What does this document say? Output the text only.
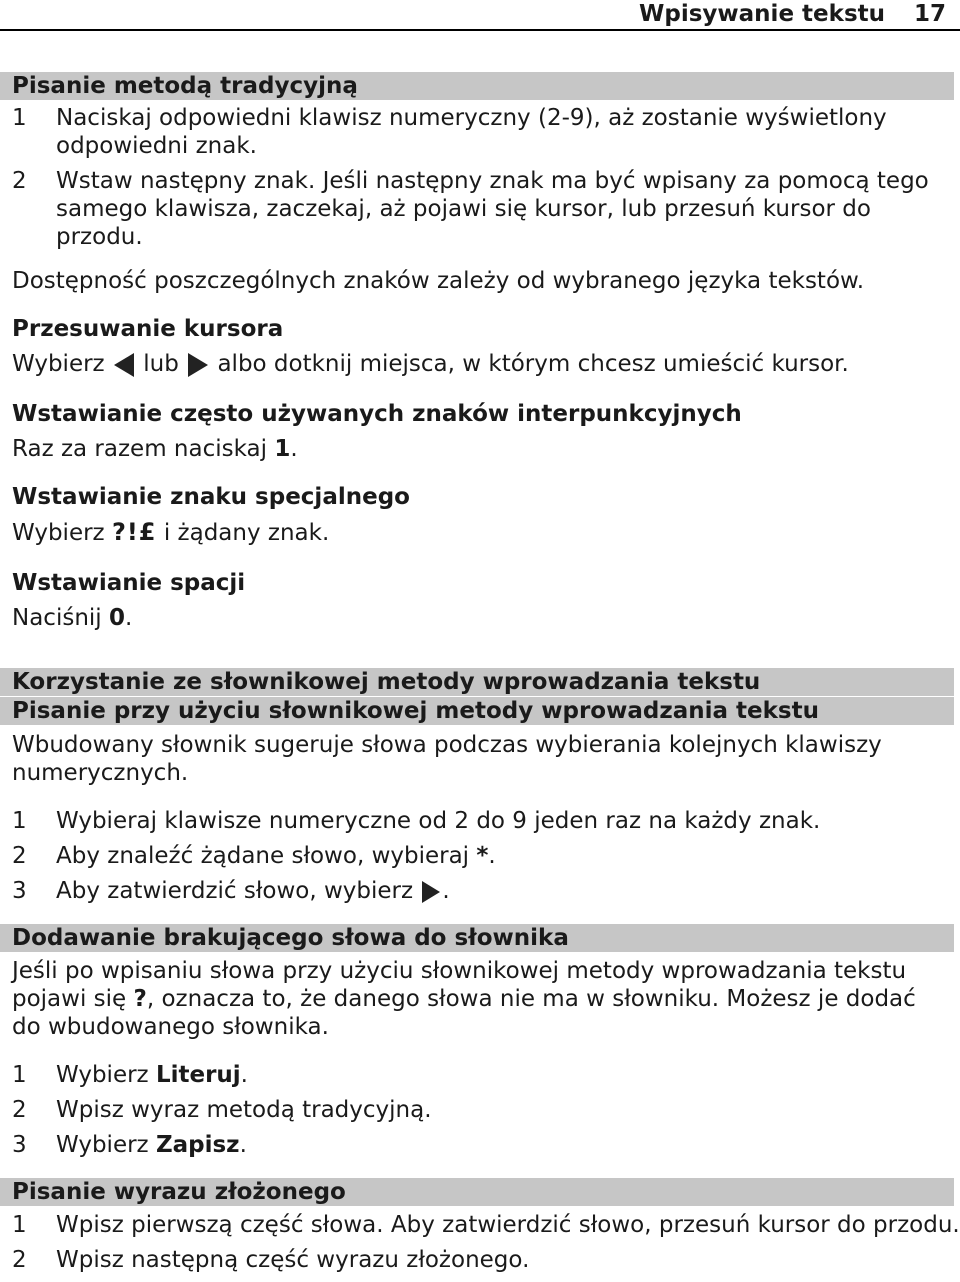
Wpisywanie tekstu 17
Pisanie metodą tradycyjną

1 Naciskaj odpowiedni klawisz numeryczny (2-9), aż zostanie wyświetlony odpowiedni znak.

2 Wstaw następny znak. Jeśli następny znak ma być wpisany za pomocą tego samego klawisza, zaczekaj, aż pojawi się kursor, lub przesuń kursor do przodu.

Dostępność poszczególnych znaków zależy od wybranego języka tekstów.

Przesuwanie kursora

Wybierz lub albo dotknij miejsca, w którym chcesz umieścić kursor.

Wstawianie często używanych znaków interpunkcyjnych

Raz za razem naciskaj 1.

Wstawianie znaku specjalnego

Wybierz ?!£ i żądany znak.

Wstawianie spacji

Naciśnij 0.

Korzystanie ze słownikowej metody wprowadzania tekstu
Pisanie przy użyciu słownikowej metody wprowadzania tekstu

Wbudowany słownik sugeruje słowa podczas wybierania kolejnych klawiszy numerycznych.

1 Wybieraj klawisze numeryczne od 2 do 9 jeden raz na każdy znak.

2 Aby znaleźć żądane słowo, wybieraj *.

3 Aby zatwierdzić słowo, wybierz .

Dodawanie brakującego słowa do słownika

Jeśli po wpisaniu słowa przy użyciu słownikowej metody wprowadzania tekstu pojawi się ?, oznacza to, że danego słowa nie ma w słowniku. Możesz je dodać do wbudowanego słownika.

1 Wybierz Literuj.

2 Wpisz wyraz metodą tradycyjną.

3 Wybierz Zapisz.

Pisanie wyrazu złożonego

1 Wpisz pierwszą część słowa. Aby zatwierdzić słowo, przesuń kursor do przodu.

2 Wpisz następną część wyrazu złożonego.
